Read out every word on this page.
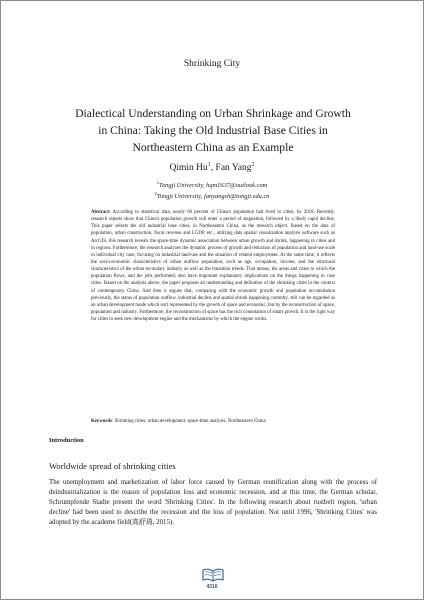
Shrinking City
Dialectical Understanding on Urban Shrinkage and Growth in China: Taking the Old Industrial Base Cities in Northeastern China as an Example
Qimin Hu$^1$, Fan Yang$^2$
$^1$Tongji University, hqm1637@outlook.com
$^2$Tongji University, fanyangsh@tongji.edu.cn

Abstract: According to statistical data, nearly 60 percent of China's population had lived in cities, by 2018. Recently, research reports show that China's population growth will enter a period of stagnation, followed by a likely rapid decline. This paper selects the old industrial base cities, in Northeastern China, as the research object. Based on the data of population, urban construction, fiscal revenue and LGDP, etc., utilizing data spatial visualization analysis software such as ArcGIS, this research reveals the space-time dynamic association between urban growth and shrink, happening in cities and in regions. Furthermore, the research analyzes the dynamic process of growth and reduction of population and land-use scale in individual city case, focusing on industrial land-use and the situation of related employment. At the same time, it reflects the socio-economic characteristics of urban outflow population, such as age, occupation, income, and the structural characteristics of the urban secondary industry as well as the transition trends. That means, the areas and cities to which the population flows, and the jobs performed, also have important explanatory implications on the things happening in case cities. Based on the analysis above, the paper proposes an understanding and definition of the shrinking cities in the context of contemporary China. And then it argues that, comparing with the economic growth and population accumulation previously, the status of population outflow, industrial decline and spatial shrink happening currently, still can be regarded as an urban development mode which isn't represented by the growth of space and economic, but by the reconstruction of space, population and industry. Furthermore, the reconstruction of space has the rich connotation of smart growth. It is the right way for cities to seek new development engine and the mechanisms by which the engine works.

Keywords: Shrinking cities; urban development; space-time analysis; Northeastern China

Introduction
Worldwide spread of shrinking cities

The unemployment and marketization of labor force caused by German reunification along with the process of deindustrialization is the reason of population loss and economic recession, and at this time, the German scholar, Schrumpfende Stadte present the word 'Shrinking Cities'. In the following research about rustbelt region, 'urban decline' had been used to describe the recession and the loss of population. Not until 1996, 'Shrinking Cities' was adopted by the academe field(高舒琦, 2015).

4316
